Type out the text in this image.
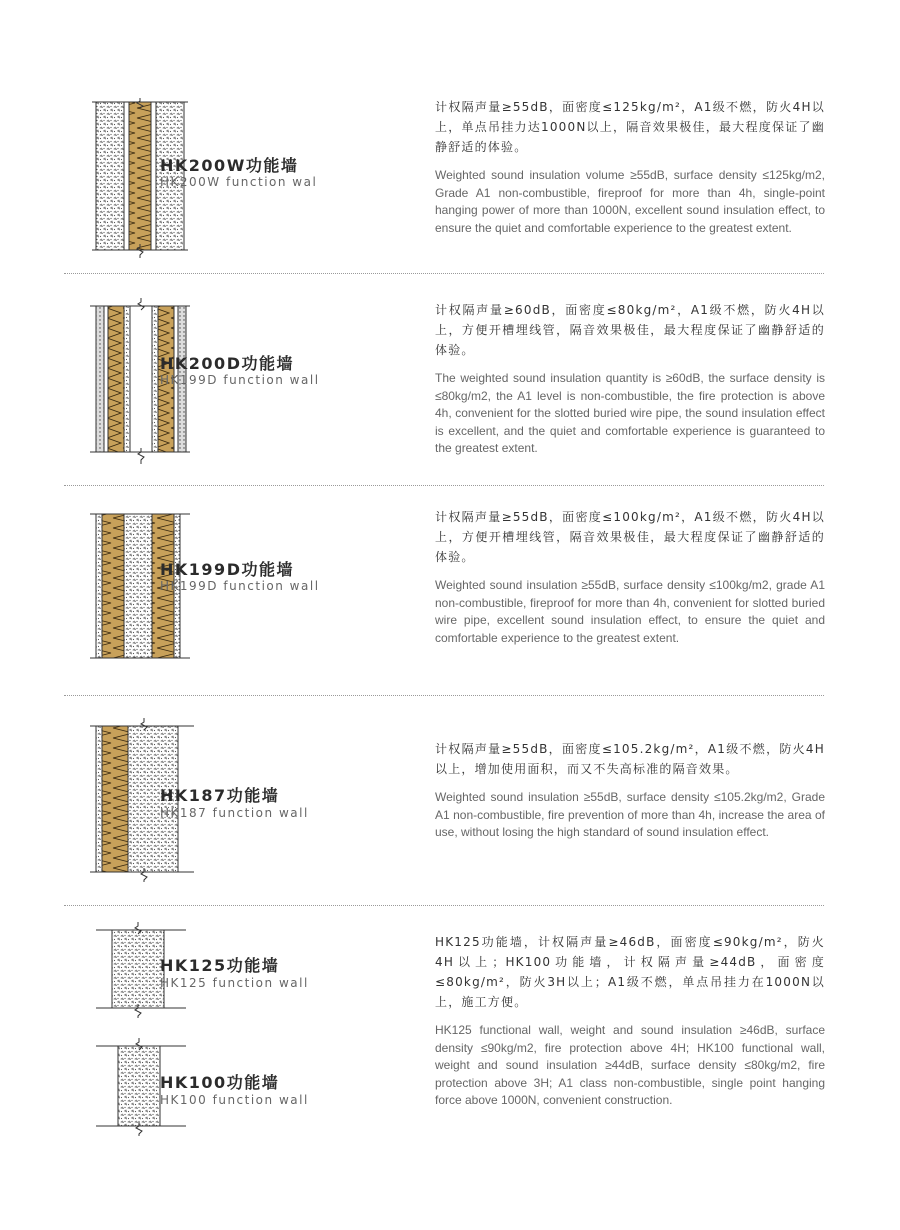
HK200W功能墙
HK200W function wal

计权隔声量≥55dB，面密度≤125kg/m²，A1级不燃，防火4H以上，单点吊挂力达1000N以上，隔音效果极佳，最大程度保证了幽静舒适的体验。

Weighted sound insulation volume ≥55dB, surface density ≤125kg/m2, Grade A1 non-combustible, fireproof for more than 4h, single-point hanging power of more than 1000N, excellent sound insulation effect, to ensure the quiet and comfortable experience to the greatest extent.

HK200D功能墙
HK199D function wall

计权隔声量≥60dB，面密度≤80kg/m²，A1级不燃，防火4H以上，方便开槽埋线管，隔音效果极佳，最大程度保证了幽静舒适的体验。

The weighted sound insulation quantity is ≥60dB, the surface density is ≤80kg/m2, the A1 level is non-combustible, the fire protection is above 4h, convenient for the slotted buried wire pipe, the sound insulation effect is excellent, and the quiet and comfortable experience is guaranteed to the greatest extent.

HK199D功能墙
HK199D function wall

计权隔声量≥55dB，面密度≤100kg/m²，A1级不燃，防火4H以上，方便开槽埋线管，隔音效果极佳，最大程度保证了幽静舒适的体验。

Weighted sound insulation ≥55dB, surface density ≤100kg/m2, grade A1 non-combustible, fireproof for more than 4h, convenient for slotted buried wire pipe, excellent sound insulation effect, to ensure the quiet and comfortable experience to the greatest extent.

HK187功能墙
HK187 function wall

计权隔声量≥55dB，面密度≤105.2kg/m²，A1级不燃，防火4H以上，增加使用面积，而又不失高标准的隔音效果。

Weighted sound insulation ≥55dB, surface density ≤105.2kg/m2, Grade A1 non-combustible, fire prevention of more than 4h, increase the area of use, without losing the high standard of sound insulation effect.

HK125功能墙
HK125 function wall
HK100功能墙
HK100 function wall

HK125功能墙，计权隔声量≥46dB，面密度≤90kg/m²，防火4H以上；HK100功能墙，计权隔声量≥44dB，面密度≤80kg/m²，防火3H以上；A1级不燃，单点吊挂力在1000N以上，施工方便。

HK125 functional wall, weight and sound insulation ≥46dB, surface density ≤90kg/m2, fire protection above 4H; HK100 functional wall, weight and sound insulation ≥44dB, surface density ≤80kg/m2, fire protection above 3H; A1 class non-combustible, single point hanging force above 1000N, convenient construction.
